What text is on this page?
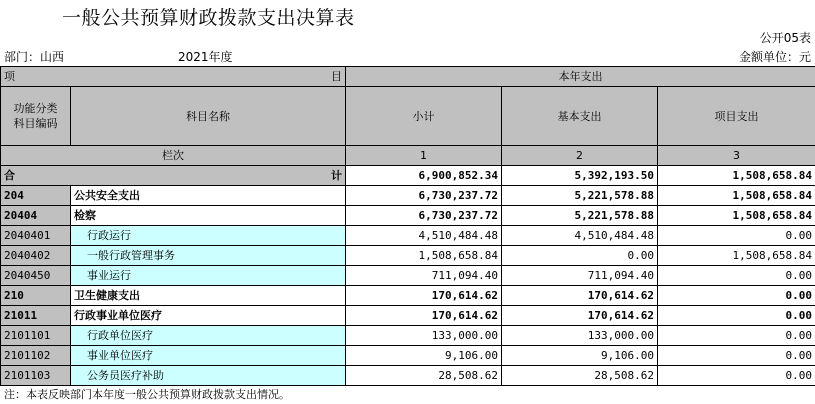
一般公共预算财政拨款支出决算表
公开05表
部门：山西	2021年度	金额单位：元
项 目		本年支出		
功能分类科目编码	科目名称	小计	基本支出	项目支出
栏次		1	2	3

合 计		6,900,852.34	5,392,193.50	1,508,658.84
204	公共安全支出	6,730,237.72	5,221,578.88	1,508,658.84
20404	检察	6,730,237.72	5,221,578.88	1,508,658.84
2040401	行政运行	4,510,484.48	4,510,484.48	0.00
2040402	一般行政管理事务	1,508,658.84	0.00	1,508,658.84
2040450	事业运行	711,094.40	711,094.40	0.00
210	卫生健康支出	170,614.62	170,614.62	0.00
21011	行政事业单位医疗	170,614.62	170,614.62	0.00
2101101	行政单位医疗	133,000.00	133,000.00	0.00
2101102	事业单位医疗	9,106.00	9,106.00	0.00
2101103	公务员医疗补助	28,508.62	28,508.62	0.00
注：本表反映部门本年度一般公共预算财政拨款支出情况。
